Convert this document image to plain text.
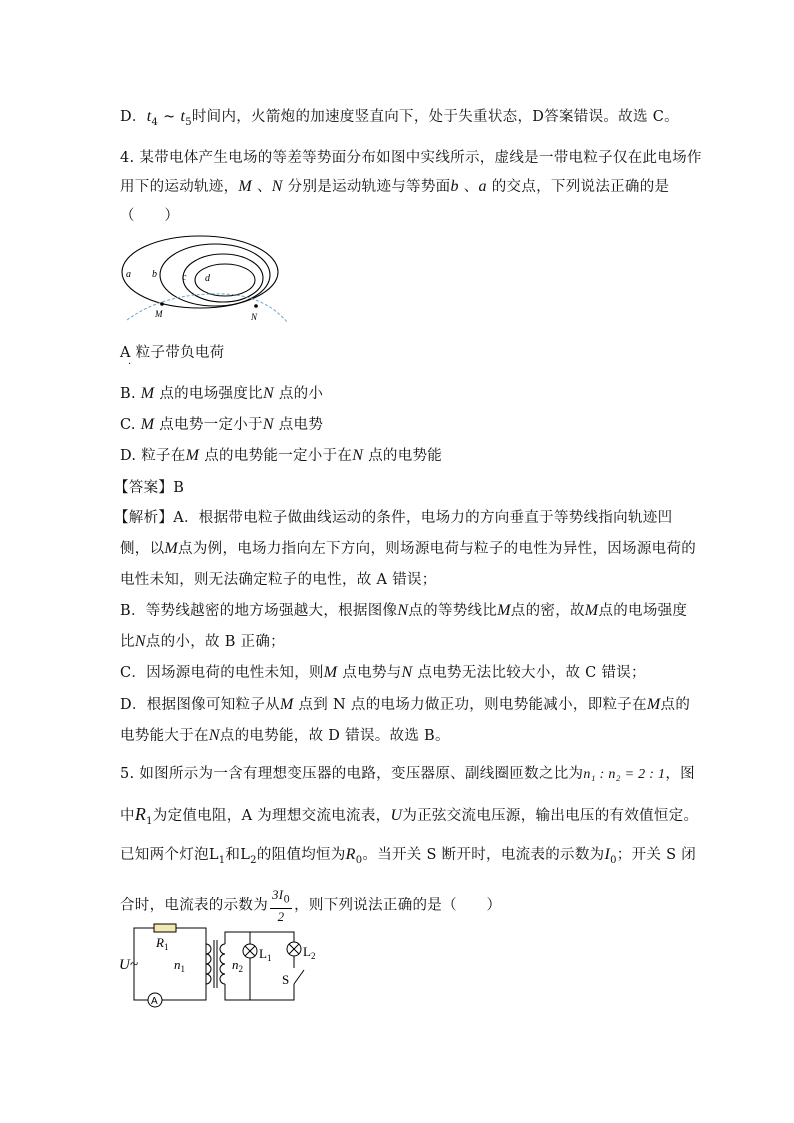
D．$t_4$ ~ $t_5$时间内，火箭炮的加速度竖直向下，处于失重状态，D答案错误。故选 C。
4. 某带电体产生电场的等差等势面分布如图中实线所示，虚线是一带电粒子仅在此电场作
用下的运动轨迹，M 、N 分别是运动轨迹与等势面b 、a 的交点，下列说法正确的是
（　　）
a b	c d
M	N
A 粒子带负电荷
·
B. M 点的电场强度比N 点的小
C. M 点电势一定小于N 点电势
D. 粒子在M 点的电势能一定小于在N 点的电势能
【答案】B
【解析】A．根据带电粒子做曲线运动的条件，电场力的方向垂直于等势线指向轨迹凹
侧，以M点为例，电场力指向左下方向，则场源电荷与粒子的电性为异性，因场源电荷的
电性未知，则无法确定粒子的电性，故 A 错误；
B．等势线越密的地方场强越大，根据图像N点的等势线比M点的密，故M点的电场强度
比N点的小，故 B 正确；
C．因场源电荷的电性未知，则M 点电势与N 点电势无法比较大小，故 C 错误；
D．根据图像可知粒子从M 点到 N 点的电场力做正功，则电势能减小，即粒子在M点的
电势能大于在N点的电势能，故 D 错误。故选 B。
5. 如图所示为一含有理想变压器的电路，变压器原、副线圈匝数之比为n₁ : n₂ = 2 : 1，图
中$R_1$为定值电阻，A 为理想交流电流表，U为正弦交流电压源，输出电压的有效值恒定。
已知两个灯泡$L_1$和$L_2$的阻值均恒为$R_0$。当开关 S 断开时，电流表的示数为$I_0$；开关 S 闭
合时，电流表的示数为 $\frac{3I_0}{2}$ ，则下列说法正确的是（　　）
A
$R_1$
U~	$n_1$	$n_2$
$L_1$ $L_2$
S
